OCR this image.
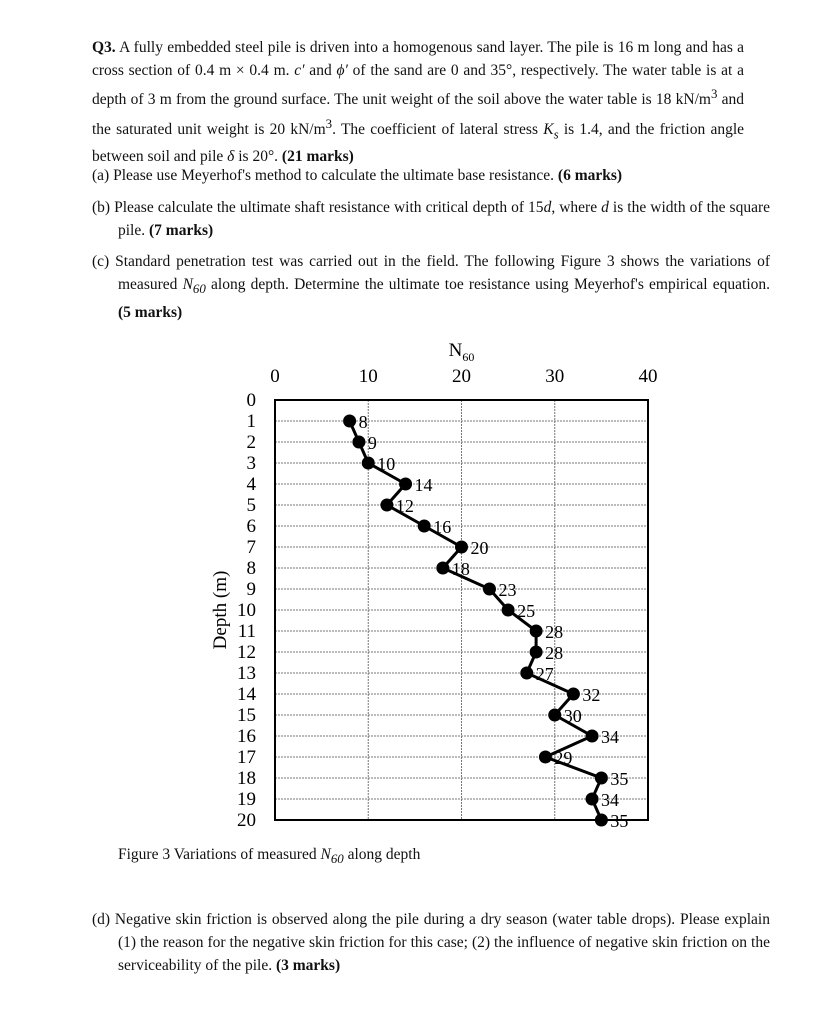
Q3. A fully embedded steel pile is driven into a homogenous sand layer. The pile is 16 m long and has a cross section of 0.4 m × 0.4 m. c′ and ϕ′ of the sand are 0 and 35°, respectively. The water table is at a depth of 3 m from the ground surface. The unit weight of the soil above the water table is 18 $kN/m^3$ and the saturated unit weight is 20 $kN/m^3$. The coefficient of lateral stress $K_s$ is 1.4, and the friction angle between soil and pile δ is 20°. (21 marks)

(a) Please use Meyerhof's method to calculate the ultimate base resistance. (6 marks)

(b) Please calculate the ultimate shaft resistance with critical depth of 15d, where d is the width of the square pile. (7 marks)

(c) Standard penetration test was carried out in the field. The following Figure 3 shows the variations of measured $N_{60}$ along depth. Determine the ultimate toe resistance using Meyerhof's empirical equation. (5 marks)

0	10	20	30	40
0
1
2
3
4
5
6
7
8
9
10
11
12
13
14
15
16
17
18
19
20
8
9
10
14
12
16
20
18
23
25
28
28
27
32
30
34
29
35
34
35
$N_{60}$
Depth (m)
Figure 3 Variations of measured $N_{60}$ along depth

(d) Negative skin friction is observed along the pile during a dry season (water table drops). Please explain (1) the reason for the negative skin friction for this case; (2) the influence of negative skin friction on the serviceability of the pile. (3 marks)
